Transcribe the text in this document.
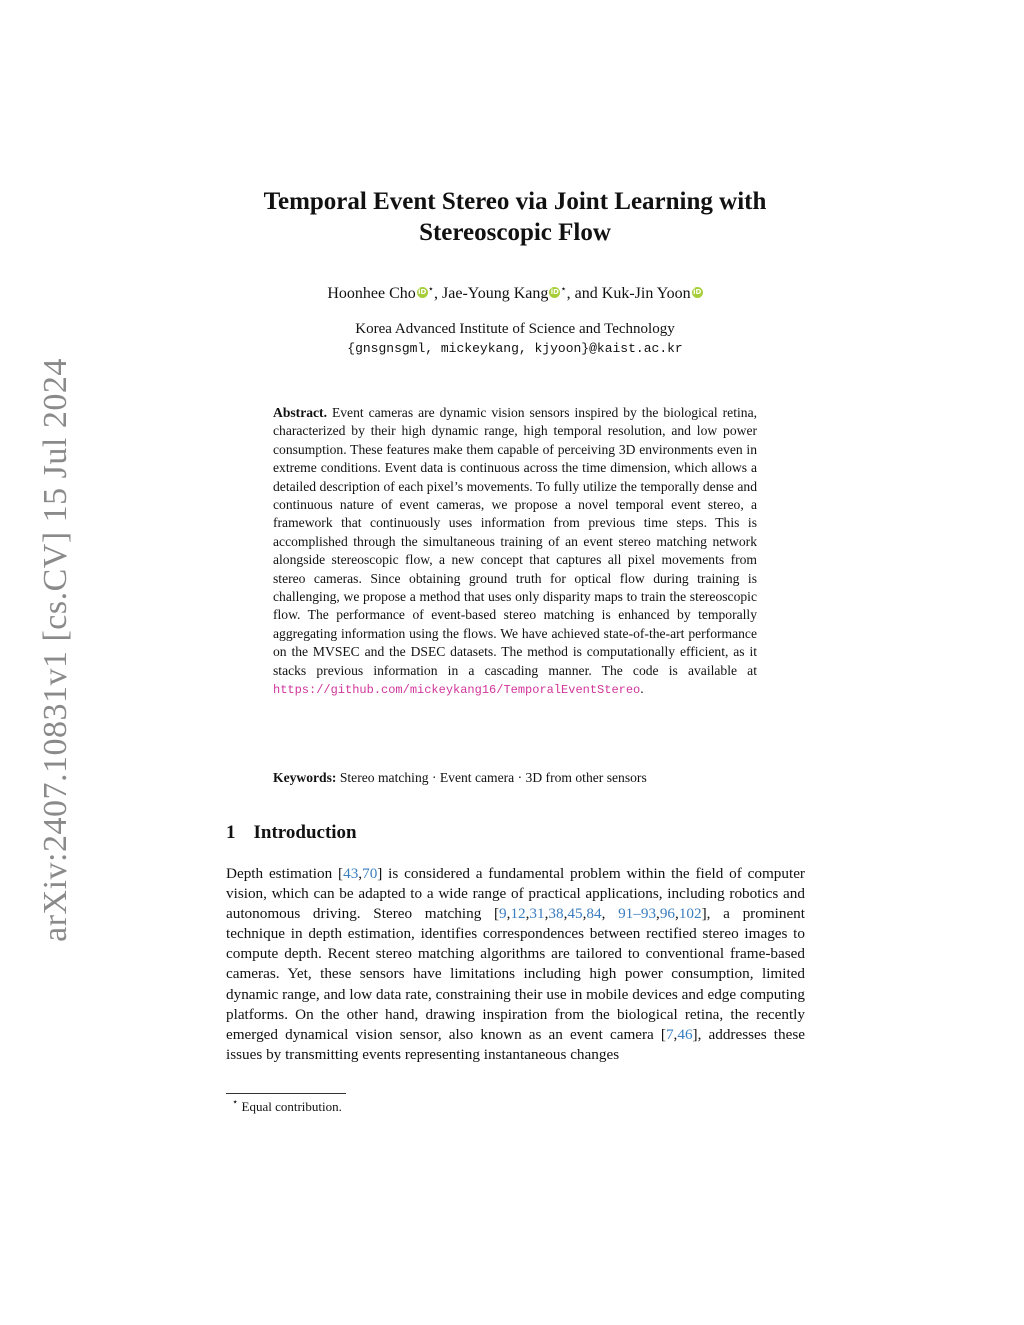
arXiv:2407.10831v1 [cs.CV] 15 Jul 2024
Temporal Event Stereo via Joint Learning with
Stereoscopic Flow
Hoonhee Cho iD⋆, Jae-Young Kang iD⋆, and Kuk-Jin Yoon iD
Korea Advanced Institute of Science and Technology
{gnsgnsgml, mickeykang, kjyoon}@kaist.ac.kr
Abstract. Event cameras are dynamic vision sensors inspired by the biological retina, characterized by their high dynamic range, high temporal resolution, and low power consumption. These features make them capable of perceiving 3D environments even in extreme conditions. Event data is continuous across the time dimension, which allows a detailed description of each pixel’s movements. To fully utilize the temporally dense and continuous nature of event cameras, we propose a novel temporal event stereo, a framework that continuously uses information from previous time steps. This is accomplished through the simultaneous training of an event stereo matching network alongside stereoscopic flow, a new concept that captures all pixel movements from stereo cameras. Since obtaining ground truth for optical flow during training is challenging, we propose a method that uses only disparity maps to train the stereoscopic flow. The performance of event-based stereo matching is enhanced by temporally aggregating information using the flows. We have achieved state-of-the-art performance on the MVSEC and the DSEC datasets. The method is computationally efficient, as it stacks previous information in a cascading manner. The code is available at https://github.com/mickeykang16/TemporalEventStereo.
Keywords: Stereo matching · Event camera · 3D from other sensors
1 Introduction
Depth estimation [43,70] is considered a fundamental problem within the field of computer vision, which can be adapted to a wide range of practical applications, including robotics and autonomous driving. Stereo matching [9,12,31,38,45,84, 91–93,96,102], a prominent technique in depth estimation, identifies correspondences between rectified stereo images to compute depth. Recent stereo matching algorithms are tailored to conventional frame-based cameras. Yet, these sensors have limitations including high power consumption, limited dynamic range, and low data rate, constraining their use in mobile devices and edge computing platforms. On the other hand, drawing inspiration from the biological retina, the recently emerged dynamical vision sensor, also known as an event camera [7,46], addresses these issues by transmitting events representing instantaneous changes
⋆ Equal contribution.
